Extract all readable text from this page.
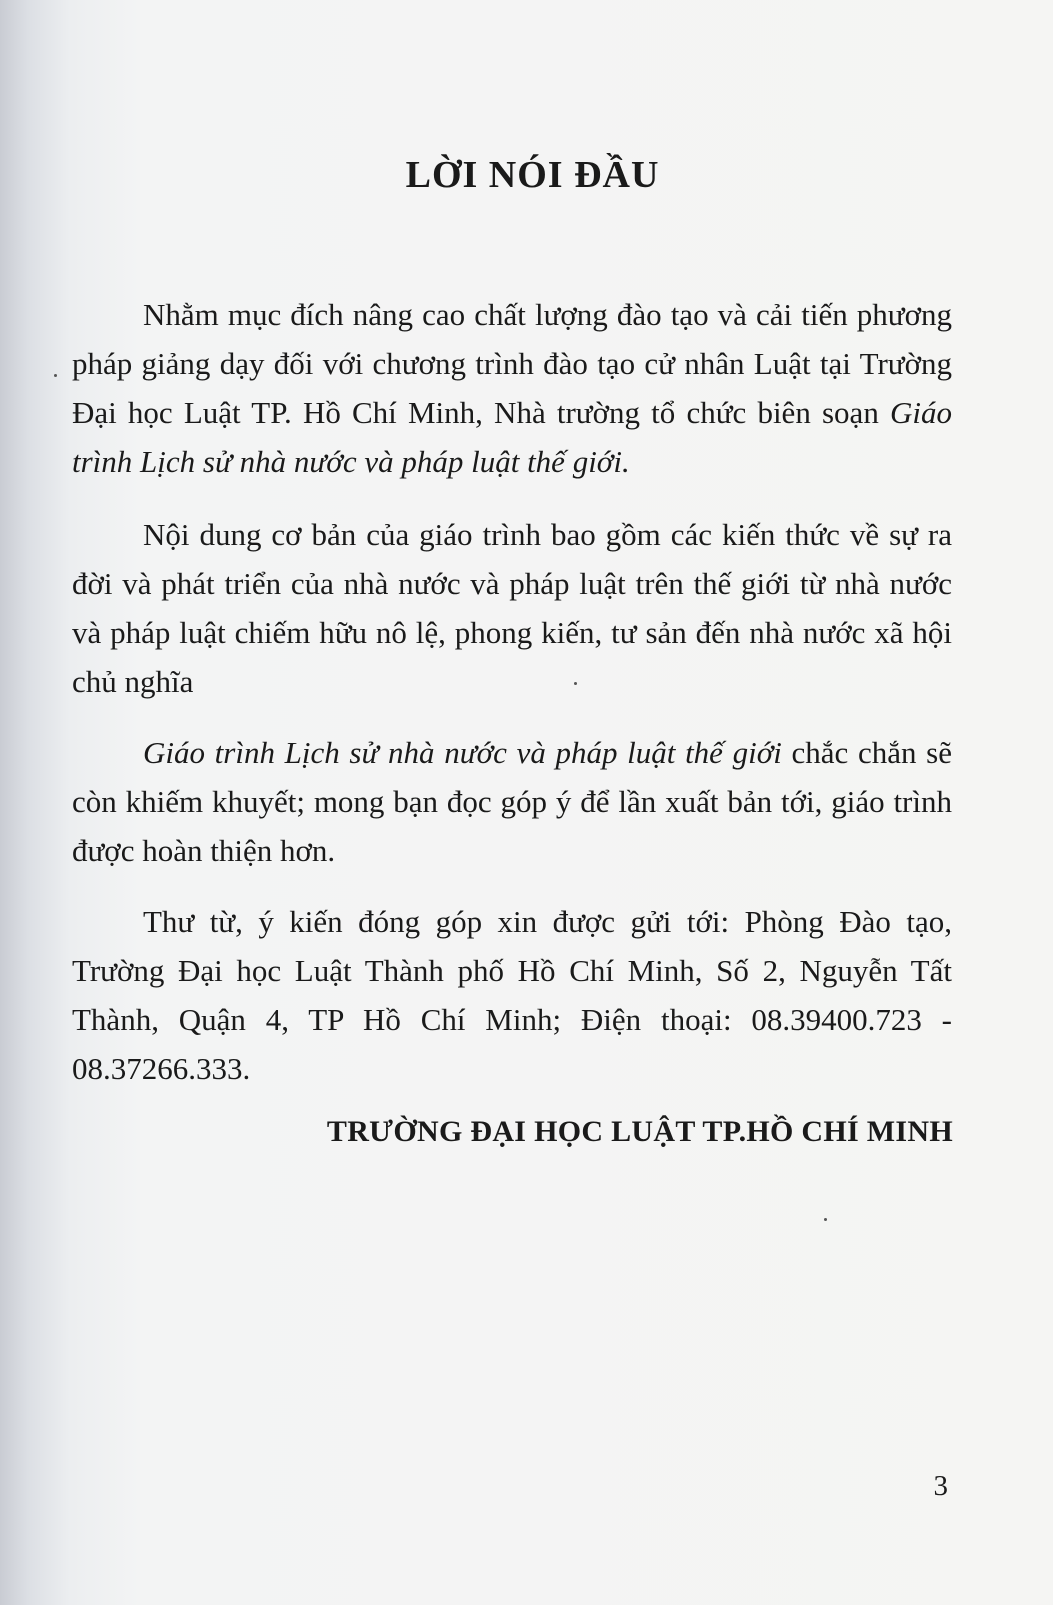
LỜI NÓI ĐẦU

Nhằm mục đích nâng cao chất lượng đào tạo và cải tiến phương pháp giảng dạy đối với chương trình đào tạo cử nhân Luật tại Trường Đại học Luật TP. Hồ Chí Minh, Nhà trường tổ chức biên soạn Giáo trình Lịch sử nhà nước và pháp luật thế giới.

Nội dung cơ bản của giáo trình bao gồm các kiến thức về sự ra đời và phát triển của nhà nước và pháp luật trên thế giới từ nhà nước và pháp luật chiếm hữu nô lệ, phong kiến, tư sản đến nhà nước xã hội chủ nghĩa

Giáo trình Lịch sử nhà nước và pháp luật thế giới chắc chắn sẽ còn khiếm khuyết; mong bạn đọc góp ý để lần xuất bản tới, giáo trình được hoàn thiện hơn.

Thư từ, ý kiến đóng góp xin được gửi tới: Phòng Đào tạo, Trường Đại học Luật Thành phố Hồ Chí Minh, Số 2, Nguyễn Tất Thành, Quận 4, TP Hồ Chí Minh; Điện thoại: 08.39400.723 - 08.37266.333.

TRƯỜNG ĐẠI HỌC LUẬT TP.HỒ CHÍ MINH

3
